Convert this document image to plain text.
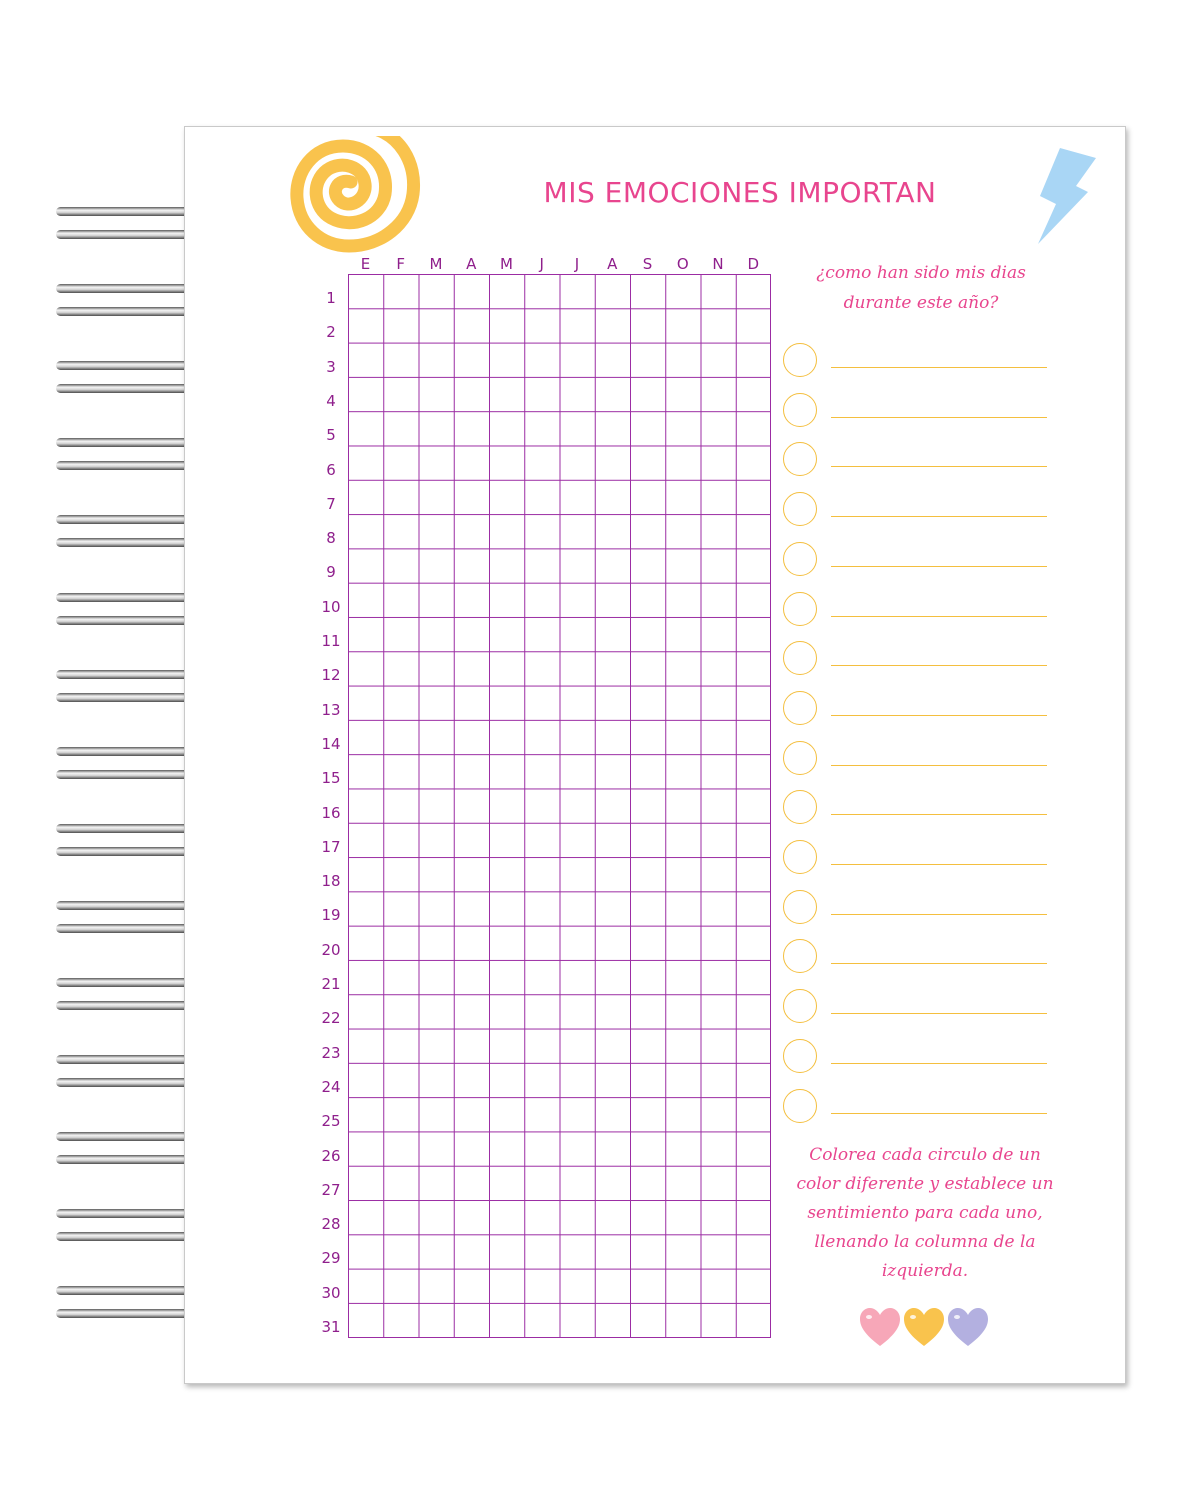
MIS EMOCIONES IMPORTAN
E	F	M	A	M	J	J	A	S	O	N	D
1
2
3
4
5
6
7
8
9
10
11
12
13
14
15
16
17
18
19
20
21
22
23
24
25
26
27
28
29
30
31
¿como han sido mis dias
durante este año?
Colorea cada circulo de un
color diferente y establece un
sentimiento para cada uno,
llenando la columna de la
izquierda.
